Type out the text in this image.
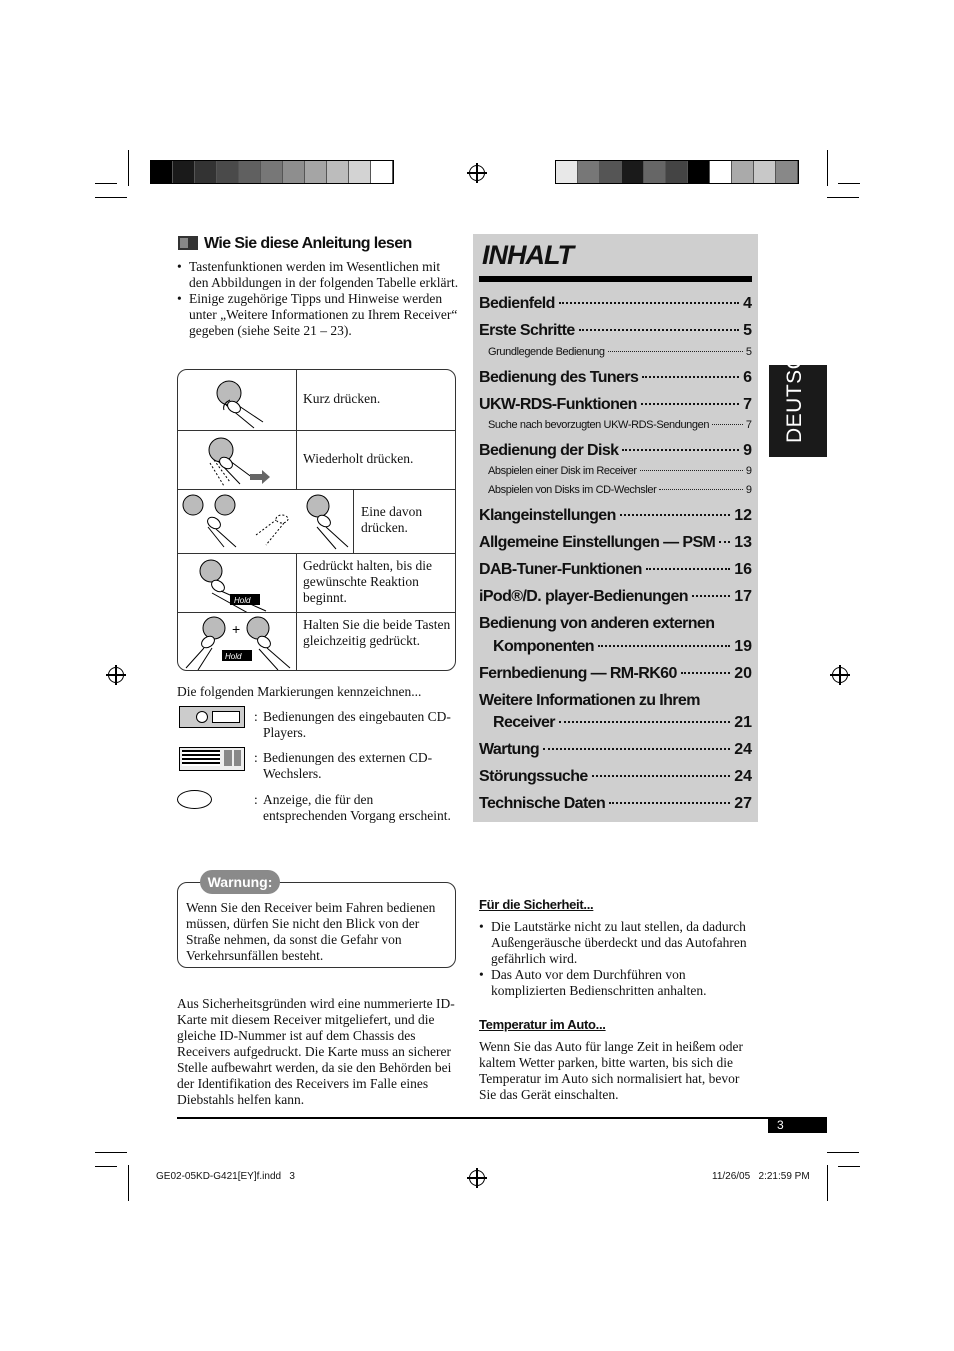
Wie Sie diese Anleitung lesen
• Tastenfunktionen werden im Wesentlichen mit den Abbildungen in der folgenden Tabelle erklärt.
• Einige zugehörige Tipps und Hinweise werden unter „Weitere Informationen zu Ihrem Receiver“ gegeben (siehe Seite 21 – 23).
Kurz drücken.
Wiederholt drücken.
Eine davon drücken.
Hold
Gedrückt halten, bis die gewünschte Reaktion beginnt.
+
Hold
Halten Sie die beide Tasten gleichzeitig gedrückt.
Die folgenden Markierungen kennzeichnen...
: Bedienungen des eingebauten CD-Players.
: Bedienungen des externen CD-Wechslers.
: Anzeige, die für den entsprechenden Vorgang erscheint.
Warnung:
Wenn Sie den Receiver beim Fahren bedienen müssen, dürfen Sie nicht den Blick von der Straße nehmen, da sonst die Gefahr von Verkehrsunfällen besteht.
Aus Sicherheitsgründen wird eine nummerierte ID-Karte mit diesem Receiver mitgeliefert, und die gleiche ID-Nummer ist auf dem Chassis des Receivers aufgedruckt. Die Karte muss an sicherer Stelle aufbewahrt werden, da sie den Behörden bei der Identifikation des Receivers im Falle eines Diebstahls helfen kann.
INHALT
Bedienfeld	4
Erste Schritte	5
Grundlegende Bedienung	5
Bedienung des Tuners	6
UKW-RDS-Funktionen	7
Suche nach bevorzugten UKW-RDS-Sendungen	7
Bedienung der Disk	9
Abspielen einer Disk im Receiver	9
Abspielen von Disks im CD-Wechsler	9
Klangeinstellungen	12
Allgemeine Einstellungen — PSM 13
DAB-Tuner-Funktionen	16
iPod®/D. player-Bedienungen	17
Bedienung von anderen externen
Komponenten	19
Fernbedienung — RM-RK60	20
Weitere Informationen zu Ihrem
Receiver	21
Wartung	24
Störungssuche	24
Technische Daten	27
DEUTSCH
Für die Sicherheit...
• Die Lautstärke nicht zu laut stellen, da dadurch Außengeräusche überdeckt und das Autofahren gefährlich wird.
• Das Auto vor dem Durchführen von komplizierten Bedienschritten anhalten.
Temperatur im Auto...
Wenn Sie das Auto für lange Zeit in heißem oder kaltem Wetter parken, bitte warten, bis sich die Temperatur im Auto sich normalisiert hat, bevor Sie das Gerät einschalten.
3
GE02-05KD-G421[EY]f.indd   3	11/26/05   2:21:59 PM
